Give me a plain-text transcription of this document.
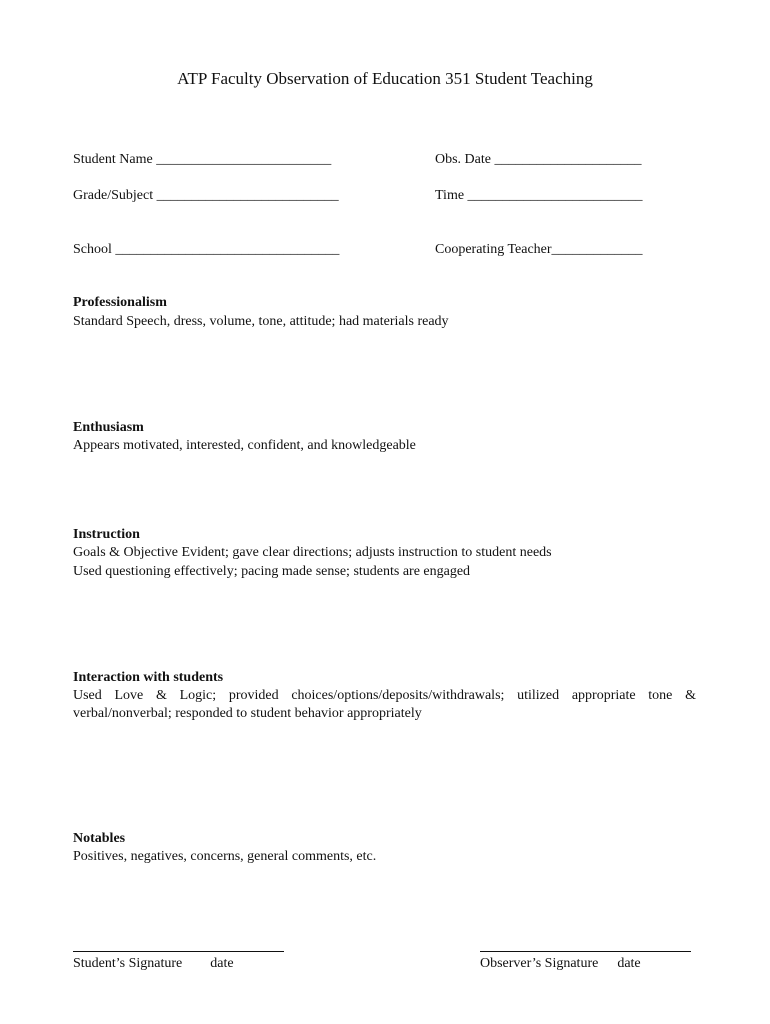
ATP Faculty Observation of Education 351 Student Teaching
Student Name _________________________	Obs. Date _____________________
Grade/Subject __________________________	Time _________________________
School ________________________________	Cooperating Teacher_____________
Professionalism
Standard Speech, dress, volume, tone, attitude; had materials ready
Enthusiasm
Appears motivated, interested, confident, and knowledgeable
Instruction
Goals & Objective Evident; gave clear directions; adjusts instruction to student needs
Used questioning effectively; pacing made sense; students are engaged
Interaction with students
Used Love & Logic; provided choices/options/deposits/withdrawals; utilized appropriate tone & verbal/nonverbal; responded to student behavior appropriately
Notables
Positives, negatives, concerns, general comments, etc.
Student’s Signature date	Observer’s Signature date
